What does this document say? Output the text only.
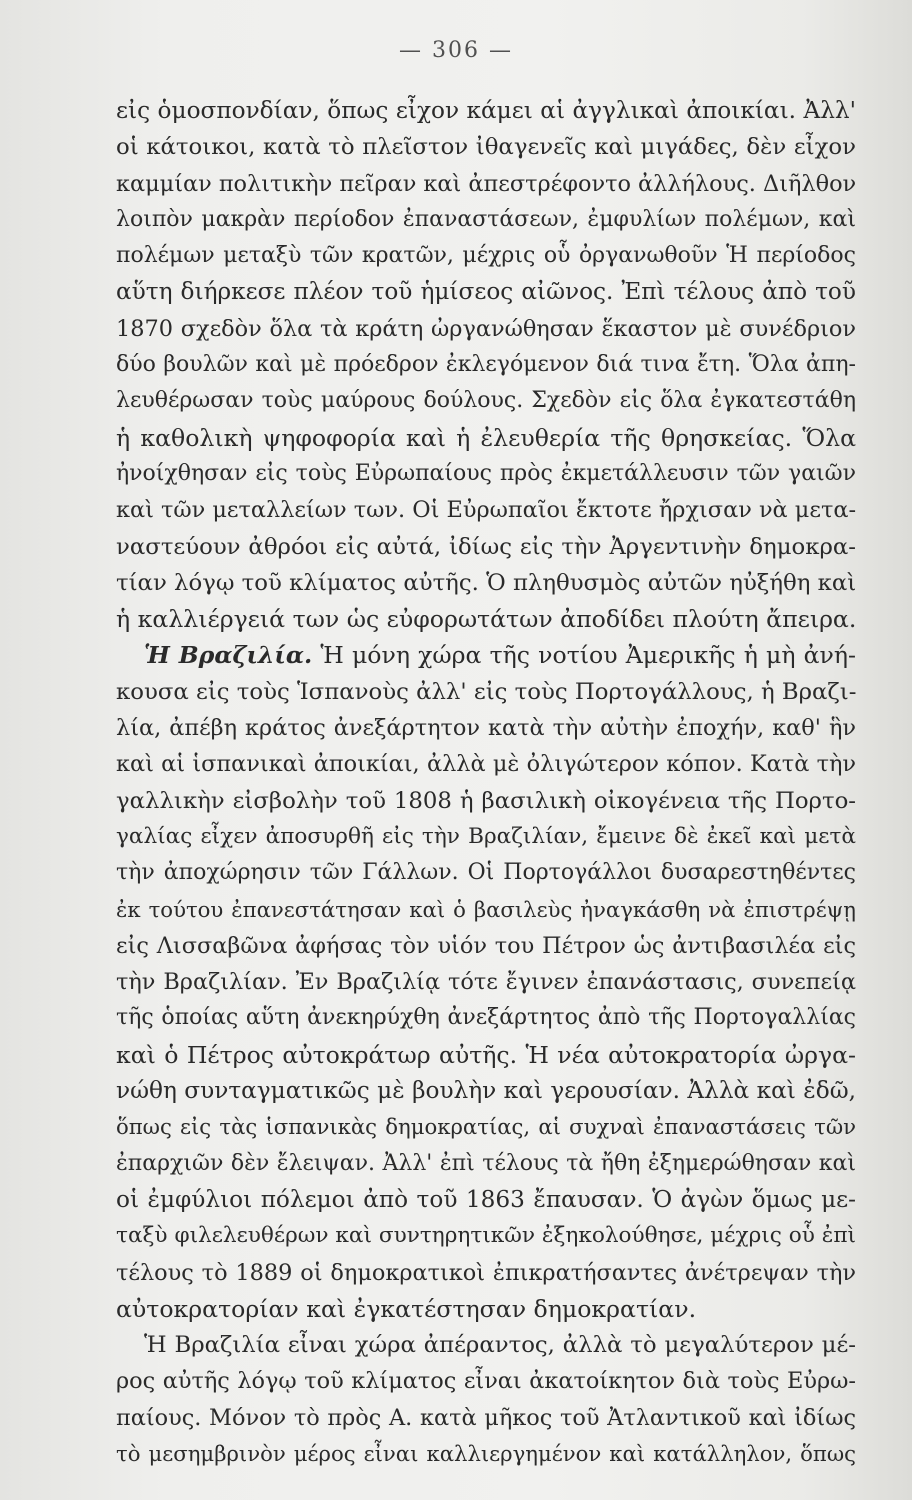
— 306 —
εἰς ὁμοσπονδίαν, ὅπως εἶχον κάμει αἱ ἀγγλικαὶ ἀποικίαι. Ἀλλ'
οἱ κάτοικοι, κατὰ τὸ πλεῖστον ἰθαγενεῖς καὶ μιγάδες, δὲν εἶχον
καμμίαν πολιτικὴν πεῖραν καὶ ἀπεστρέφοντο ἀλλήλους. Διῆλθον
λοιπὸν μακρὰν περίοδον ἐπαναστάσεων, ἐμφυλίων πολέμων, καὶ
πολέμων μεταξὺ τῶν κρατῶν, μέχρις οὗ ὀργανωθοῦν Ἡ περίοδος
αὕτη διήρκεσε πλέον τοῦ ἡμίσεος αἰῶνος. Ἐπὶ τέλους ἀπὸ τοῦ
1870 σχεδὸν ὅλα τὰ κράτη ὠργανώθησαν ἕκαστον μὲ συνέδριον
δύο βουλῶν καὶ μὲ πρόεδρον ἐκλεγόμενον διά τινα ἔτη. Ὅλα ἀπη-
λευθέρωσαν τοὺς μαύρους δούλους. Σχεδὸν εἰς ὅλα ἐγκατεστάθη
ἡ καθολικὴ ψηφοφορία καὶ ἡ ἐλευθερία τῆς θρησκείας. Ὅλα
ἠνοίχθησαν εἰς τοὺς Εὐρωπαίους πρὸς ἐκμετάλλευσιν τῶν γαιῶν
καὶ τῶν μεταλλείων των. Οἱ Εὐρωπαῖοι ἔκτοτε ἤρχισαν νὰ μετα-
ναστεύουν ἀθρόοι εἰς αὐτά, ἰδίως εἰς τὴν Ἀργεντινὴν δημοκρα-
τίαν λόγῳ τοῦ κλίματος αὐτῆς. Ὁ πληθυσμὸς αὐτῶν ηὐξήθη καὶ
ἡ καλλιέργειά των ὡς εὐφορωτάτων ἀποδίδει πλούτη ἄπειρα.
Ἡ Βραζιλία. Ἡ μόνη χώρα τῆς νοτίου Ἀμερικῆς ἡ μὴ ἀνή-
κουσα εἰς τοὺς Ἱσπανοὺς ἀλλ' εἰς τοὺς Πορτογάλλους, ἡ Βραζι-
λία, ἀπέβη κράτος ἀνεξάρτητον κατὰ τὴν αὐτὴν ἐποχήν, καθ' ἣν
καὶ αἱ ἱσπανικαὶ ἀποικίαι, ἀλλὰ μὲ ὀλιγώτερον κόπον. Κατὰ τὴν
γαλλικὴν εἰσβολὴν τοῦ 1808 ἡ βασιλικὴ οἰκογένεια τῆς Πορτο-
γαλίας εἶχεν ἀποσυρθῆ εἰς τὴν Βραζιλίαν, ἔμεινε δὲ ἐκεῖ καὶ μετὰ
τὴν ἀποχώρησιν τῶν Γάλλων. Οἱ Πορτογάλλοι δυσαρεστηθέντες
ἐκ τούτου ἐπανεστάτησαν καὶ ὁ βασιλεὺς ἠναγκάσθη νὰ ἐπιστρέψῃ
εἰς Λισσαβῶνα ἀφήσας τὸν υἱόν του Πέτρον ὡς ἀντιβασιλέα εἰς
τὴν Βραζιλίαν. Ἐν Βραζιλίᾳ τότε ἔγινεν ἐπανάστασις, συνεπείᾳ
τῆς ὁποίας αὕτη ἀνεκηρύχθη ἀνεξάρτητος ἀπὸ τῆς Πορτογαλλίας
καὶ ὁ Πέτρος αὐτοκράτωρ αὐτῆς. Ἡ νέα αὐτοκρατορία ὠργα-
νώθη συνταγματικῶς μὲ βουλὴν καὶ γερουσίαν. Ἀλλὰ καὶ ἐδῶ,
ὅπως εἰς τὰς ἱσπανικὰς δημοκρατίας, αἱ συχναὶ ἐπαναστάσεις τῶν
ἐπαρχιῶν δὲν ἔλειψαν. Ἀλλ' ἐπὶ τέλους τὰ ἤθη ἐξημερώθησαν καὶ
οἱ ἐμφύλιοι πόλεμοι ἀπὸ τοῦ 1863 ἔπαυσαν. Ὁ ἀγὼν ὅμως με-
ταξὺ φιλελευθέρων καὶ συντηρητικῶν ἐξηκολούθησε, μέχρις οὗ ἐπὶ
τέλους τὸ 1889 οἱ δημοκρατικοὶ ἐπικρατήσαντες ἀνέτρεψαν τὴν
αὐτοκρατορίαν καὶ ἐγκατέστησαν δημοκρατίαν.
Ἡ Βραζιλία εἶναι χώρα ἀπέραντος, ἀλλὰ τὸ μεγαλύτερον μέ-
ρος αὐτῆς λόγῳ τοῦ κλίματος εἶναι ἀκατοίκητον διὰ τοὺς Εὐρω-
παίους. Μόνον τὸ πρὸς Α. κατὰ μῆκος τοῦ Ἀτλαντικοῦ καὶ ἰδίως
τὸ μεσημβρινὸν μέρος εἶναι καλλιεργημένον καὶ κατάλληλον, ὅπως
